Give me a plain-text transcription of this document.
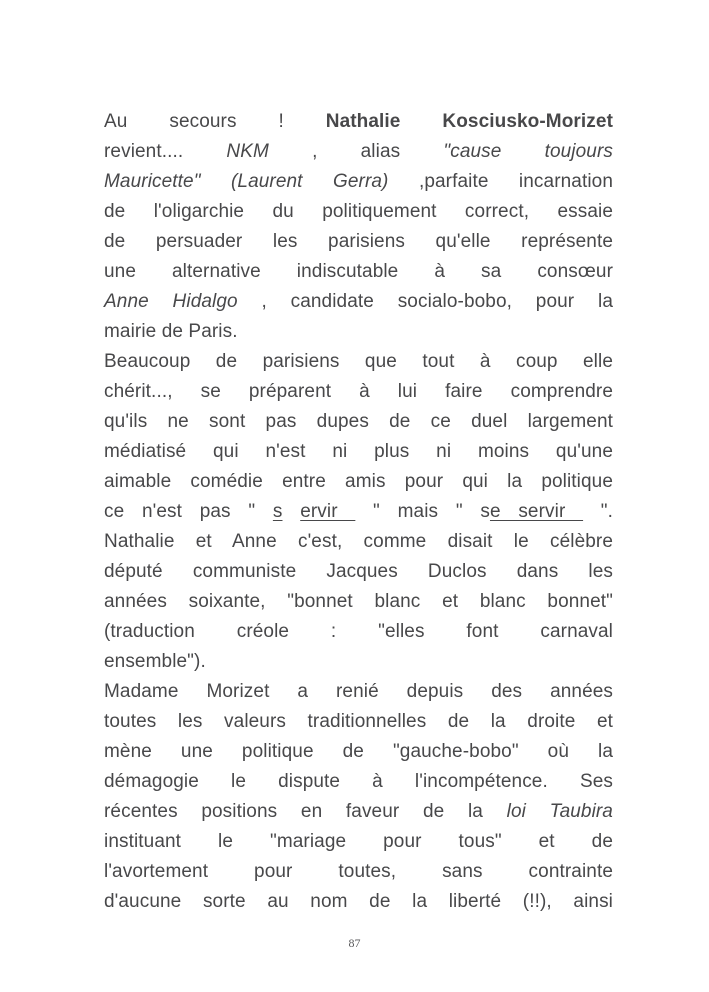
Au secours ! Nathalie Kosciusko-Morizet
revient.... NKM , alias "cause toujours
Mauricette" (Laurent Gerra) ,parfaite incarnation
de l'oligarchie du politiquement correct, essaie
de persuader les parisiens qu'elle représente
une alternative indiscutable à sa consœur
Anne Hidalgo , candidate socialo-bobo, pour la
mairie de Paris.
Beaucoup de parisiens que tout à coup elle
chérit..., se préparent à lui faire comprendre
qu'ils ne sont pas dupes de ce duel largement
médiatisé qui n'est ni plus ni moins qu'une
aimable comédie entre amis pour qui la politique
ce n'est pas " s ervir  " mais " se servir  ".
Nathalie et Anne c'est, comme disait le célèbre
député communiste Jacques Duclos dans les
années soixante, "bonnet blanc et blanc bonnet"
(traduction créole : "elles font carnaval
ensemble").
Madame Morizet a renié depuis des années
toutes les valeurs traditionnelles de la droite et
mène une politique de "gauche-bobo" où la
démagogie le dispute à l'incompétence. Ses
récentes positions en faveur de la loi Taubira
instituant le "mariage pour tous" et de
l'avortement pour toutes, sans contrainte
d'aucune sorte au nom de la liberté (!!), ainsi
87
